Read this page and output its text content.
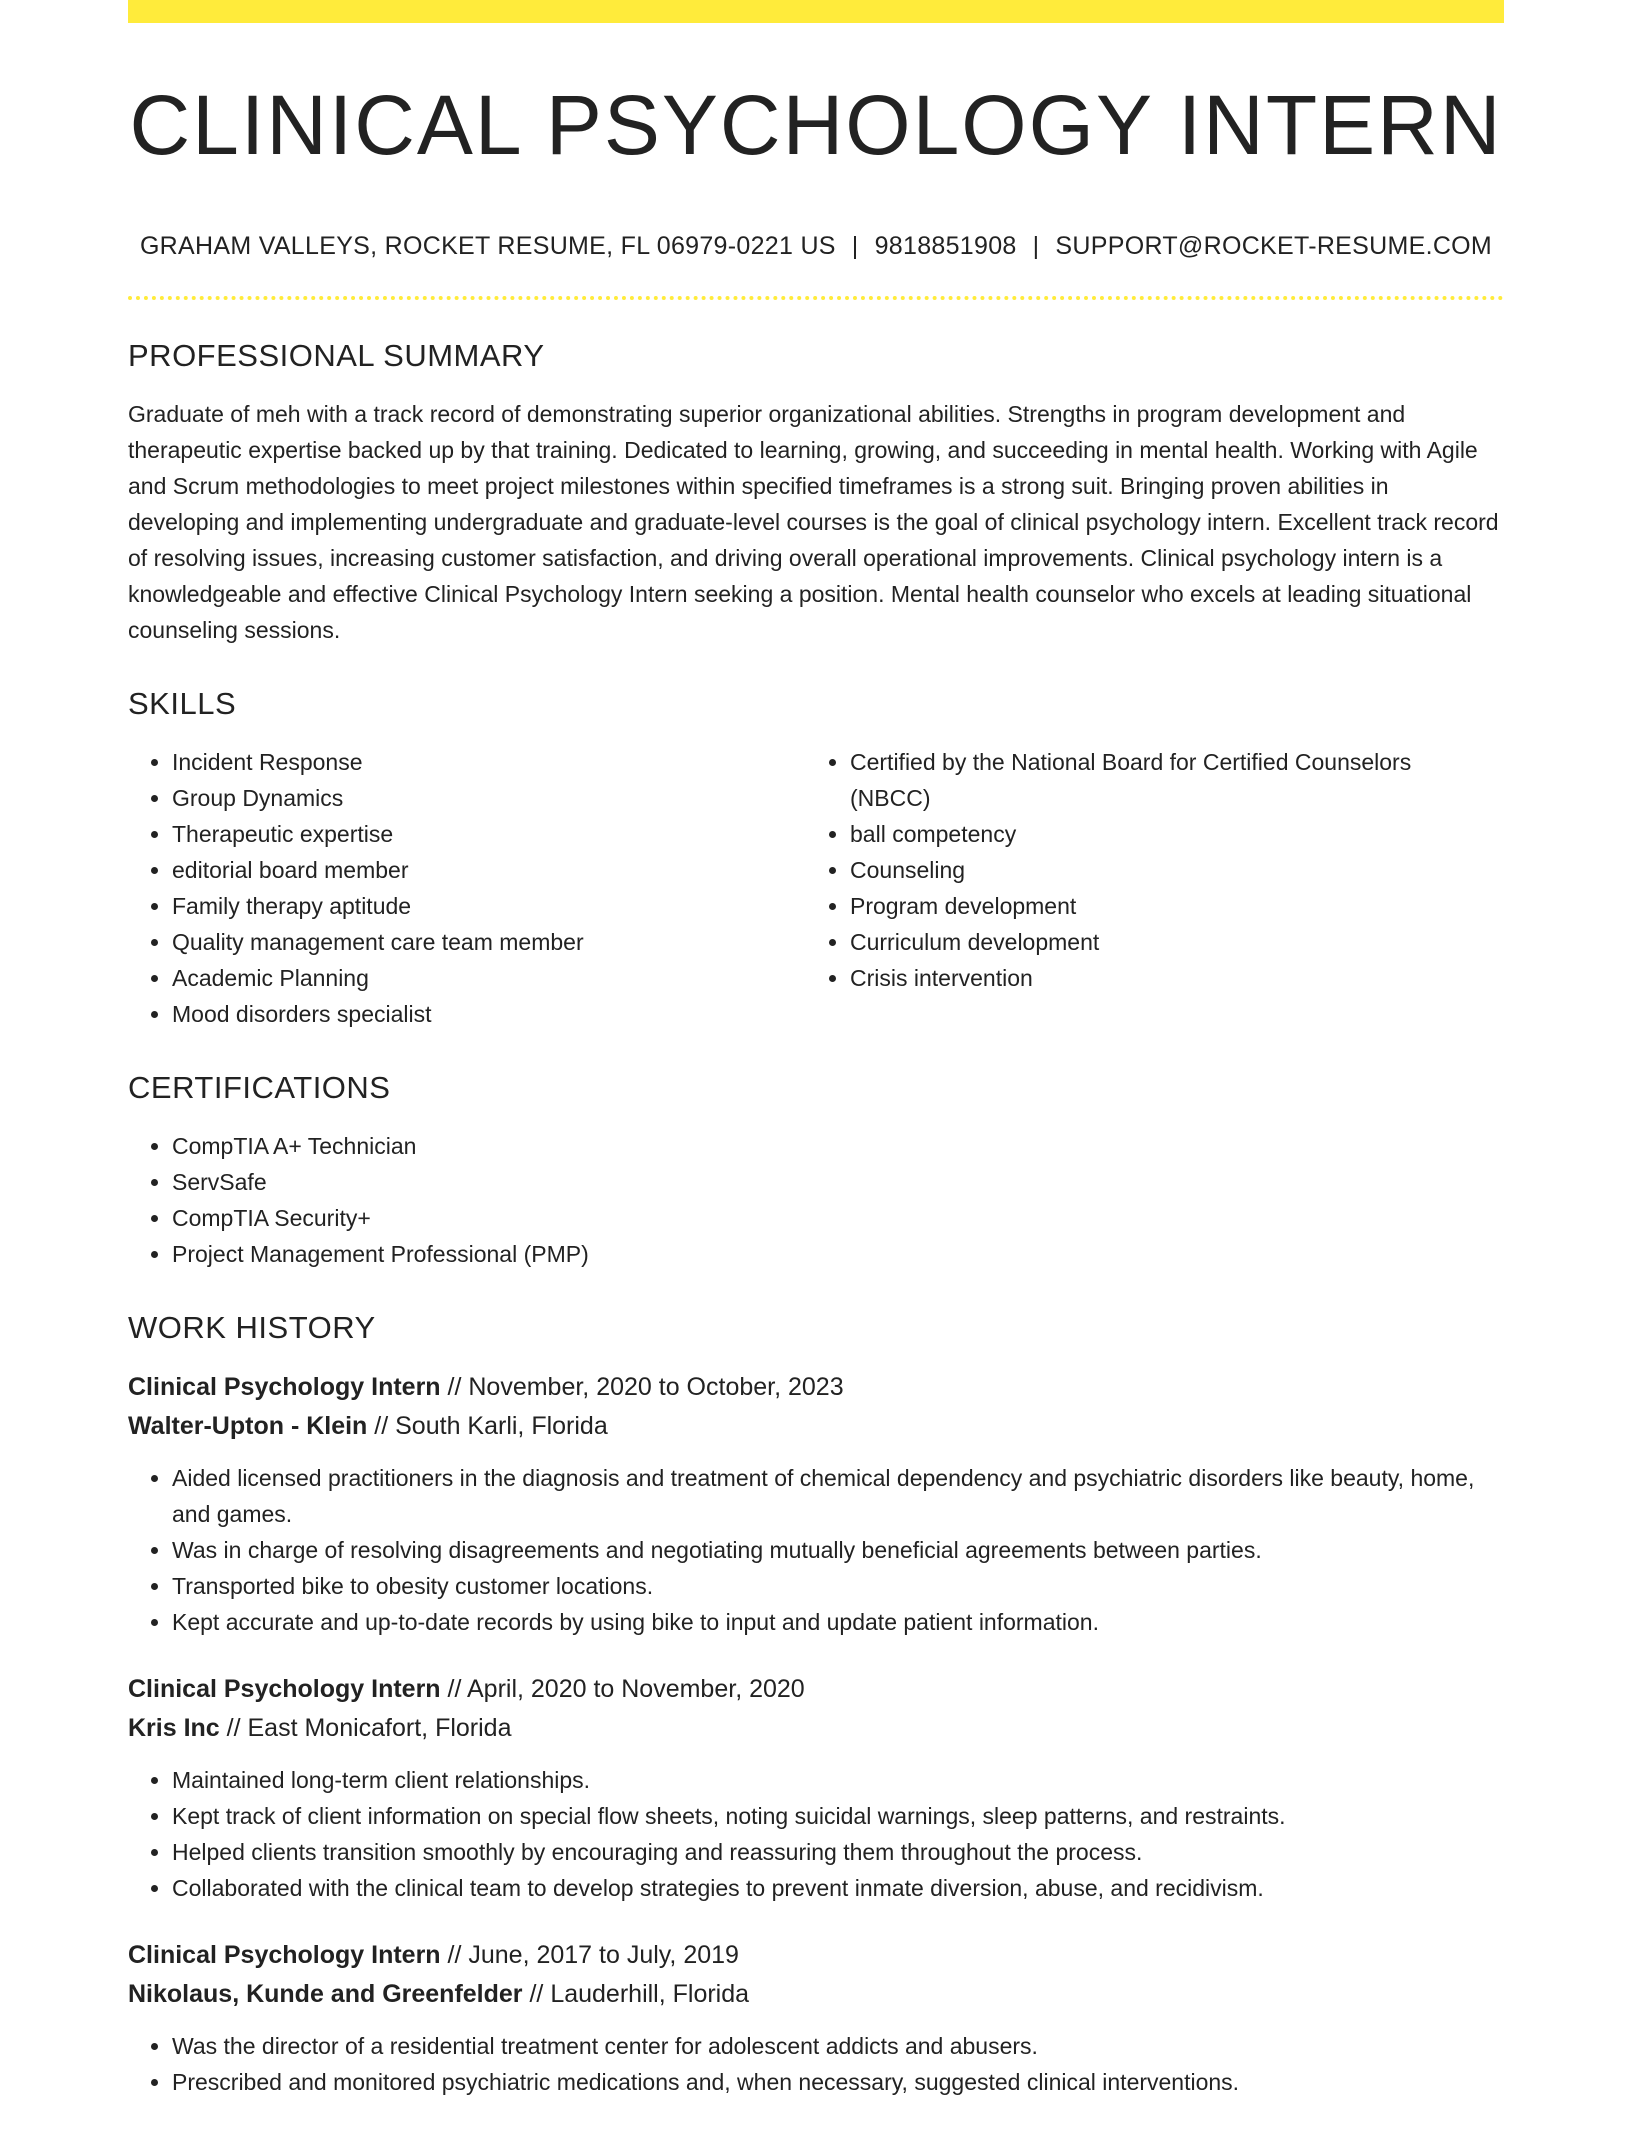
CLINICAL PSYCHOLOGY INTERN
GRAHAM VALLEYS, ROCKET RESUME, FL 06979-0221 US | 9818851908 | SUPPORT@ROCKET-RESUME.COM
PROFESSIONAL SUMMARY

Graduate of meh with a track record of demonstrating superior organizational abilities. Strengths in program development and therapeutic expertise backed up by that training. Dedicated to learning, growing, and succeeding in mental health. Working with Agile and Scrum methodologies to meet project milestones within specified timeframes is a strong suit. Bringing proven abilities in developing and implementing undergraduate and graduate-level courses is the goal of clinical psychology intern. Excellent track record of resolving issues, increasing customer satisfaction, and driving overall operational improvements. Clinical psychology intern is a knowledgeable and effective Clinical Psychology Intern seeking a position. Mental health counselor who excels at leading situational counseling sessions.

SKILLS
• Incident Response
• Group Dynamics
• Therapeutic expertise
• editorial board member
• Family therapy aptitude
• Quality management care team member
• Academic Planning
• Mood disorders specialist
• Certified by the National Board for Certified Counselors (NBCC)
• ball competency
• Counseling
• Program development
• Curriculum development
• Crisis intervention
CERTIFICATIONS
• CompTIA A+ Technician
• ServSafe
• CompTIA Security+
• Project Management Professional (PMP)
WORK HISTORY
Clinical Psychology Intern // November, 2020 to October, 2023
Walter-Upton - Klein // South Karli, Florida
• Aided licensed practitioners in the diagnosis and treatment of chemical dependency and psychiatric disorders like beauty, home, and games.
• Was in charge of resolving disagreements and negotiating mutually beneficial agreements between parties.
• Transported bike to obesity customer locations.
• Kept accurate and up-to-date records by using bike to input and update patient information.
Clinical Psychology Intern // April, 2020 to November, 2020
Kris Inc // East Monicafort, Florida
• Maintained long-term client relationships.
• Kept track of client information on special flow sheets, noting suicidal warnings, sleep patterns, and restraints.
• Helped clients transition smoothly by encouraging and reassuring them throughout the process.
• Collaborated with the clinical team to develop strategies to prevent inmate diversion, abuse, and recidivism.
Clinical Psychology Intern // June, 2017 to July, 2019
Nikolaus, Kunde and Greenfelder // Lauderhill, Florida
• Was the director of a residential treatment center for adolescent addicts and abusers.
• Prescribed and monitored psychiatric medications and, when necessary, suggested clinical interventions.
